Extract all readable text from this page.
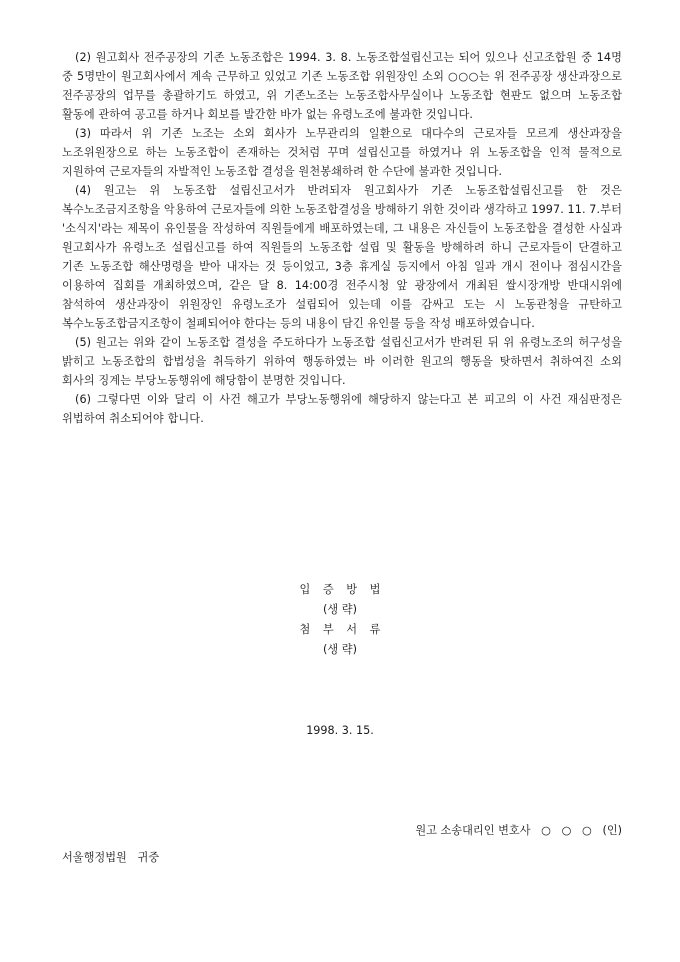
(2) 원고회사 전주공장의 기존 노동조합은 1994. 3. 8. 노동조합설립신고는 되어 있으나 신고조합원 중 14명 중 5명만이 원고회사에서 계속 근무하고 있었고 기존 노동조합 위원장인 소외 ○○○는 위 전주공장 생산과장으로 전주공장의 업무를 총괄하기도 하였고, 위 기존노조는 노동조합사무실이나 노동조합 현판도 없으며 노동조합 활동에 관하여 공고를 하거나 회보를 발간한 바가 없는 유령노조에 불과한 것입니다.

(3) 따라서 위 기존 노조는 소외 회사가 노무관리의 일환으로 대다수의 근로자들 모르게 생산과장을 노조위원장으로 하는 노동조합이 존재하는 것처럼 꾸며 설립신고를 하였거나 위 노동조합을 인적 물적으로 지원하여 근로자들의 자발적인 노동조합 결성을 원천봉쇄하려 한 수단에 불과한 것입니다.

(4) 원고는 위 노동조합 설립신고서가 반려되자 원고회사가 기존 노동조합설립신고를 한 것은 복수노조금지조항을 악용하여 근로자들에 의한 노동조합결성을 방해하기 위한 것이라 생각하고 1997. 11. 7.부터 '소식지'라는 제목이 유인물을 작성하여 직원들에게 배포하였는데, 그 내용은 자신들이 노동조합을 결성한 사실과 원고회사가 유령노조 설립신고를 하여 직원들의 노동조합 설립 및 활동을 방해하려 하니 근로자들이 단결하고 기존 노동조합 해산명령을 받아 내자는 것 등이었고, 3층 휴게실 등지에서 아침 일과 개시 전이나 점심시간을 이용하여 집회를 개최하였으며, 같은 달 8. 14:00경 전주시청 앞 광장에서 개최된 쌀시장개방 반대시위에 참석하여 생산과장이 위원장인 유령노조가 설립되어 있는데 이를 감싸고 도는 시 노동관청을 규탄하고 복수노동조합금지조항이 철폐되어야 한다는 등의 내용이 담긴 유인물 등을 작성 배포하였습니다.

(5) 원고는 위와 같이 노동조합 결성을 주도하다가 노동조합 설립신고서가 반려된 뒤 위 유령노조의 허구성을 밝히고 노동조합의 합법성을 취득하기 위하여 행동하였는 바 이러한 원고의 행동을 탓하면서 취하여진 소외 회사의 징계는 부당노동행위에 해당함이 분명한 것입니다.

(6) 그렇다면 이와 달리 이 사건 해고가 부당노동행위에 해당하지 않는다고 본 피고의 이 사건 재심판정은 위법하여 취소되어야 합니다.

입 증 방 법
(생 략)
첨 부 서 류
(생 략)
1998. 3. 15.
원고 소송대리인 변호사   ○   ○   ○   (인)
서울행정법원   귀중
